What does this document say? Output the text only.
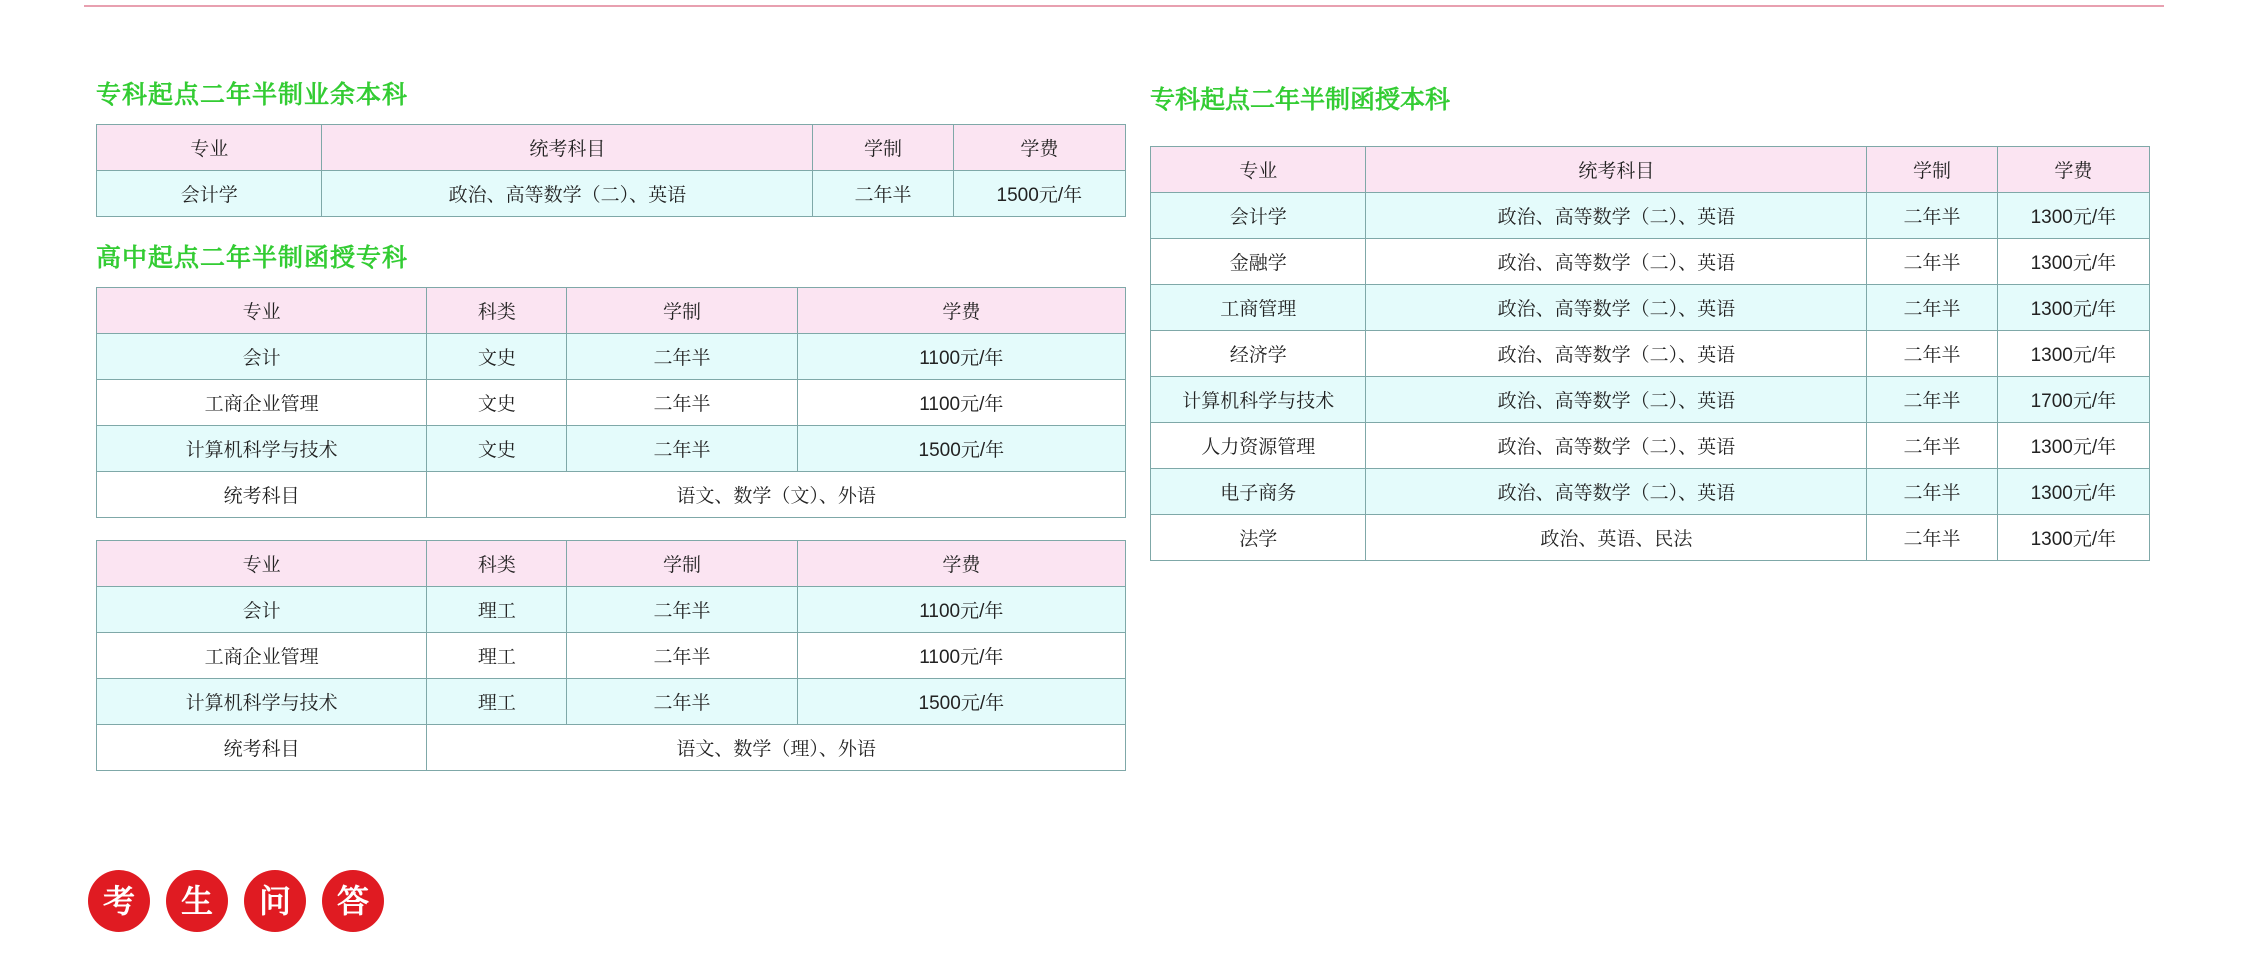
专科起点二年半制业余本科
专业	统考科目	学制	学费
会计学	政治、高等数学（二）、英语	二年半	1500元/年
高中起点二年半制函授专科
专业	科类	学制	学费
会计	文史	二年半	1100元/年
工商企业管理	文史	二年半	1100元/年
计算机科学与技术	文史	二年半	1500元/年
统考科目	语文、数学（文）、外语		
专业	科类	学制	学费
会计	理工	二年半	1100元/年
工商企业管理	理工	二年半	1100元/年
计算机科学与技术	理工	二年半	1500元/年
统考科目	语文、数学（理）、外语		
专科起点二年半制函授本科
专业	统考科目	学制	学费
会计学	政治、高等数学（二）、英语	二年半	1300元/年
金融学	政治、高等数学（二）、英语	二年半	1300元/年
工商管理	政治、高等数学（二）、英语	二年半	1300元/年
经济学	政治、高等数学（二）、英语	二年半	1300元/年
计算机科学与技术	政治、高等数学（二）、英语	二年半	1700元/年
人力资源管理	政治、高等数学（二）、英语	二年半	1300元/年
电子商务	政治、高等数学（二）、英语	二年半	1300元/年
法学	政治、英语、民法	二年半	1300元/年
考	生	问	答
